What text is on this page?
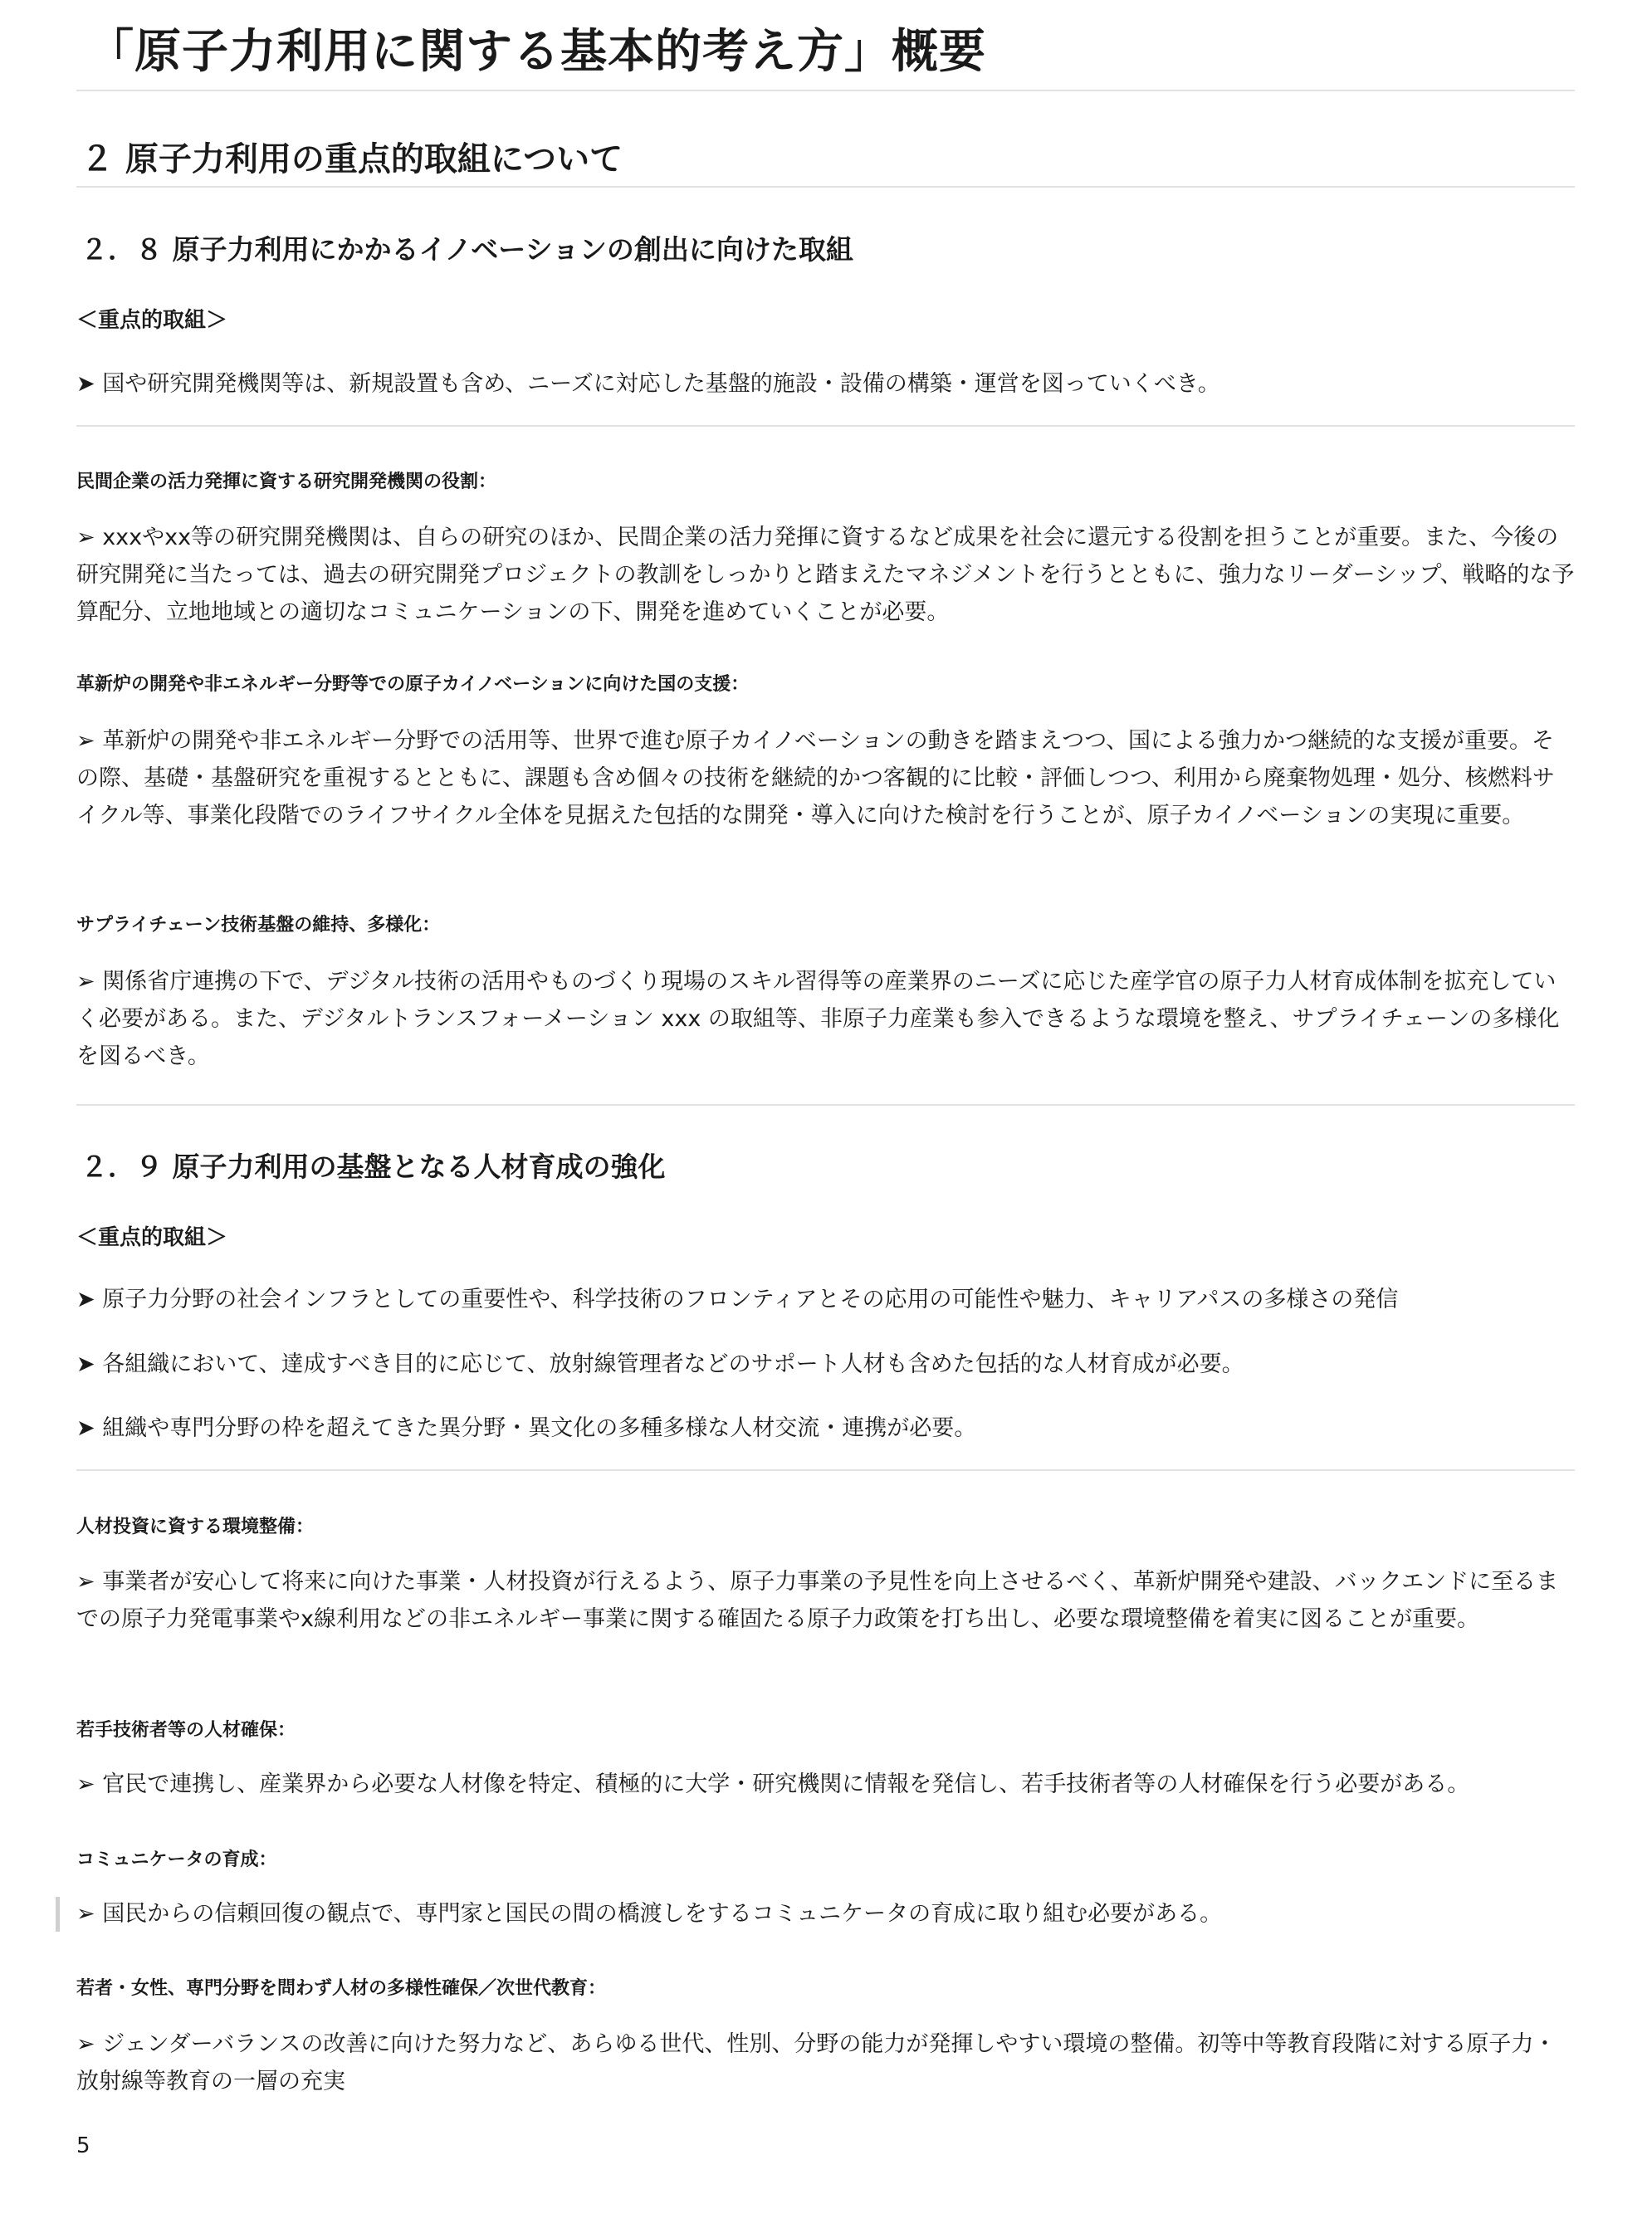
「原子力利用に関する基本的考え方」概要
２ 原子力利用の重点的取組について
２．８ 原子力利用にかかるイノベーションの創出に向けた取組
＜重点的取組＞
➤ 国や研究開発機関等は、新規設置も含め、ニーズに対応した基盤的施設・設備の構築・運営を図っていくべき。
民間企業の活力発揮に資する研究開発機関の役割：
➢ xxxやxx等の研究開発機関は、自らの研究のほか、民間企業の活力発揮に資するなど成果を社会に還元する役割を担うことが重要。また、今後の研究開発に当たっては、過去の研究開発プロジェクトの教訓をしっかりと踏まえたマネジメントを行うとともに、強力なリーダーシップ、戦略的な予算配分、立地地域との適切なコミュニケーションの下、開発を進めていくことが必要。
革新炉の開発や非エネルギー分野等での原子カイノベーションに向けた国の支援：
➢ 革新炉の開発や非エネルギー分野での活用等、世界で進む原子カイノベーションの動きを踏まえつつ、国による強力かつ継続的な支援が重要。その際、基礎・基盤研究を重視するとともに、課題も含め個々の技術を継続的かつ客観的に比較・評価しつつ、利用から廃棄物処理・処分、核燃料サイクル等、事業化段階でのライフサイクル全体を見据えた包括的な開発・導入に向けた検討を行うことが、原子カイノベーションの実現に重要。
サプライチェーン技術基盤の維持、多様化：
➢ 関係省庁連携の下で、デジタル技術の活用やものづくり現場のスキル習得等の産業界のニーズに応じた産学官の原子力人材育成体制を拡充していく必要がある。また、デジタルトランスフォーメーション xxx の取組等、非原子力産業も参入できるような環境を整え、サプライチェーンの多様化を図るべき。
２．９ 原子力利用の基盤となる人材育成の強化
＜重点的取組＞
➤ 原子力分野の社会インフラとしての重要性や、科学技術のフロンティアとその応用の可能性や魅力、キャリアパスの多様さの発信
➤ 各組織において、達成すべき目的に応じて、放射線管理者などのサポート人材も含めた包括的な人材育成が必要。
➤ 組織や専門分野の枠を超えてきた異分野・異文化の多種多様な人材交流・連携が必要。
人材投資に資する環境整備：
➢ 事業者が安心して将来に向けた事業・人材投資が行えるよう、原子力事業の予見性を向上させるべく、革新炉開発や建設、バックエンドに至るまでの原子力発電事業やx線利用などの非エネルギー事業に関する確固たる原子力政策を打ち出し、必要な環境整備を着実に図ることが重要。
若手技術者等の人材確保：
➢ 官民で連携し、産業界から必要な人材像を特定、積極的に大学・研究機関に情報を発信し、若手技術者等の人材確保を行う必要がある。
コミュニケータの育成：
➢ 国民からの信頼回復の観点で、専門家と国民の間の橋渡しをするコミュニケータの育成に取り組む必要がある。
若者・女性、専門分野を問わず人材の多様性確保／次世代教育：
➢ ジェンダーバランスの改善に向けた努力など、あらゆる世代、性別、分野の能力が発揮しやすい環境の整備。初等中等教育段階に対する原子力・放射線等教育の一層の充実
5
